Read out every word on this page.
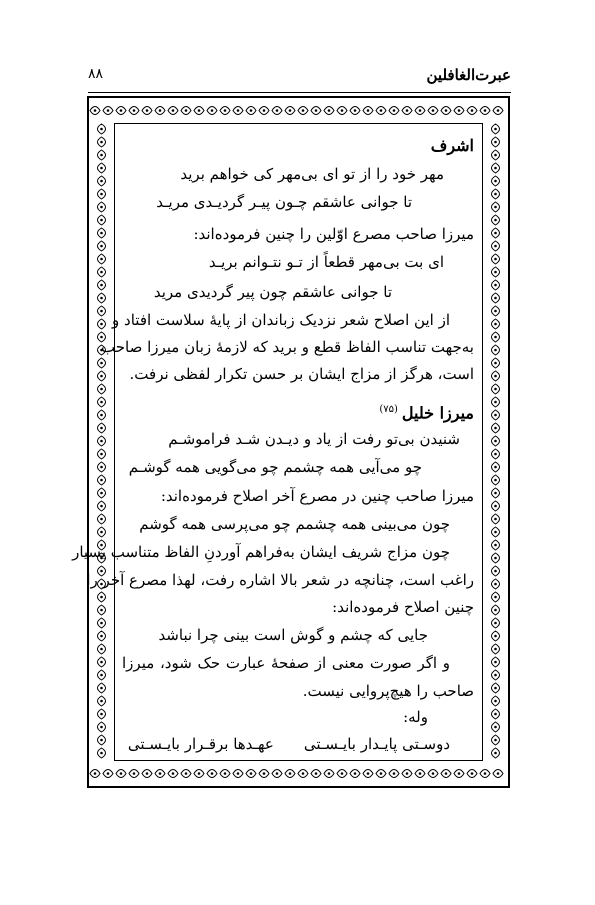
عبرت‌الغافلین
۸۸
اشرف
مهر خود را از تو ای بی‌مهر کی خواهم برید
تا جوانی عاشقم چـون پیـر گردیـدی مریـد
میرزا صاحب مصرع اوّلین را چنین فرموده‌اند:
ای بت بی‌مهر قطعاً از تـو نتـوانم بریـد
تا جوانی عاشقم چون پیر گردیدی مرید
از این اصلاح شعر نزدیک زباندان از پایهٔ سلاست افتاد و
به‌جهت تناسب الفاظ قطع و برید که لازمهٔ زبان میرزا صاحب
است، هرگز از مزاج ایشان بر حسن تکرار لفظی نرفت.
میرزا خلیل$^{(۷۵)}$
شنیدن بی‌تو رفت از یاد و دیـدن شـد فراموشـم
چو می‌آیی همه چشمم چو می‌گویی همه گوشـم
میرزا صاحب چنین در مصرع آخر اصلاح فرموده‌اند:
چون می‌بینی همه چشمم چو می‌پرسی همه گوشم
چون مزاج شریف ایشان به‌فراهم آوردنِ الفاظ متناسب بسیار
راغب است، چنانچه در شعر بالا اشاره رفت، لهذا مصرع آخر را
چنین اصلاح فرموده‌اند:
جایی که چشم و گوش است بینی چرا نباشد
و اگر صورت معنی از صفحهٔ عبارت حک شود، میرزا
صاحب را هیچ‌پروایی نیست.
وله:
دوسـتی پایـدار بایـسـتی
عهـدها برقـرار بایـسـتی
